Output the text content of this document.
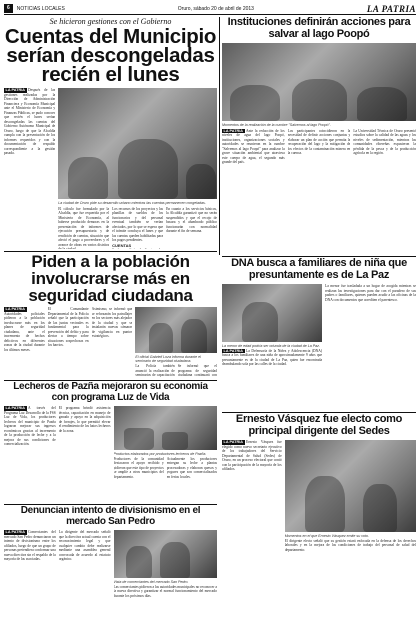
6	NOTICIAS LOCALES	Oruro, sábado 20 de abril de 2013	LA PATRIA
Se hicieron gestiones con el Gobierno
Cuentas del Municipio serían descongeladas recién el lunes
LA PATRIA Después de las gestiones realizadas por la Dirección de Administración Financiera y Economía Municipal ante el Ministerio de Economía y Finanzas Públicas, se pudo conocer que recién el lunes serían descongeladas las cuentas del Gobierno Autónomo Municipal de Oruro, luego de que la Alcaldía cumpla con la presentación de los informes requeridos y con la documentación de respaldo correspondiente a la gestión pasada.
La ciudad de Oruro pide su desarrollo urbano mientras las cuentas permanecen congeladas.
El cálculo fue formulado por la Alcaldía, que fue requerida por el Ministerio de Economía, al haberse producido demoras en la presentación de informes de ejecución presupuestaria y de rendición de cuentas, situación que afectó el pago a proveedores y el avance de obras en varios distritos
Los recursos de los proyectos y las planillas de sueldos de los funcionarios y del personal eventual también se verían afectados, por lo que se espera que el trámite concluya el lunes y que las cuentas queden habilitadas para los pagos pendientes.
CUENTAS
En cuanto a los servicios básicos, la Alcaldía garantizó que no serán suspendidos y que el recojo de basura y el alumbrado público funcionarán con normalidad durante el fin de semana.
Instituciones definirán acciones para salvar al lago Poopó
Momentos de la realización de la cumbre "Salvemos al lago Poopó".
LA PATRIA Ante la reducción de los niveles de agua del lago Poopó, instituciones, organizaciones sociales y autoridades se reunieron en la cumbre "Salvemos al lago Poopó" para analizar la grave situación ambiental que atraviesa este cuerpo de agua, el segundo más grande del país.
Los participantes coincidieron en la necesidad de definir acciones conjuntas y elaborar un plan de acción que permita la recuperación del lago y la mitigación de los efectos de la contaminación minera en la cuenca.
La Universidad Técnica de Oruro presentó estudios sobre la calidad de las aguas y los niveles de sedimentación, mientras las comunidades ribereñas expusieron la pérdida de la pesca y de la producción agrícola en la región.
Piden a la población involucrarse más en seguridad ciudadana
LA PATRIAAutoridades policiales pidieron a la población involucrarse más en los planes de seguridad ciudadana, ante el incremento de hechos delictivos en diferentes zonas de la ciudad durante los últimos meses.
El Comandante Departamental de la Policía señaló que la participación de las juntas vecinales es fundamental para la prevención del delito y para alertar a tiempo sobre situaciones sospechosas en los barrios.
Asimismo, se informó que se reforzarán los patrullajes en los sectores más alejados de la ciudad y que se instalarán nuevas cámaras de vigilancia en puntos estratégicos.
El oficial Gabrieli Loza informa durante el seminario de seguridad ciudadana.
La Policía también anunció la realización de seminarios de capacitación
Se informó que el programa de seguridad ciudadana continuará con
DNA busca a familiares de niña que presuntamente es de La Paz
La menor de edad podría ser oriunda de la ciudad de La Paz.
LA PATRIA La Defensoría de la Niñez y Adolescencia (DNA) busca a los familiares de una niña de aproximadamente 9 años que presuntamente es de la ciudad de La Paz, quien fue encontrada deambulando sola por las calles de la ciudad.
La menor fue trasladada a un hogar de acogida mientras se realizan las investigaciones para dar con el paradero de sus padres o familiares, quienes pueden acudir a las oficinas de la DNA con documentos que acrediten el parentesco.
Lecheros de Pazña mejoraron su economía con programa Luz de Vida
LA PATRIA A través del Programa Luz Desarrollo de la FSS Luz de Vida, los productores lecheros del municipio de Pazña lograron mejorar sus ingresos económicos gracias al incremento de la producción de leche y a la mejora de sus condiciones de comercialización.
El programa brindó asistencia técnica, capacitación en manejo de ganado y apoyo en la adquisición de forrajes, lo que permitió elevar el rendimiento de los hatos lecheros de la zona.
Productos elaborados por productores lecheros de Pazña.
Productores de la comunidad destacaron el apoyo recibido y pidieron que este tipo de proyectos se amplíe a otros municipios del departamento.
Actualmente los productores entregan su leche a plantas procesadoras y elaboran quesos y yogures que son comercializados en ferias locales.
Ernesto Vásquez fue electo como principal dirigente del Sedes
LA PATRIA Ernesto Vásquez fue elegido como nuevo secretario ejecutivo de los trabajadores del Servicio Departamental de Salud (Sedes) de Oruro, en un proceso electoral que contó con la participación de la mayoría de los afiliados.
Momentos en el que Ernesto Vásquez emite su voto.
El dirigente electo señaló que su gestión estará enfocada en la defensa de los derechos laborales y en la mejora de las condiciones de trabajo del personal de salud del departamento.
Denuncian intento de divisionismo en el mercado San Pedro
LA PATRIA Comerciantes del mercado San Pedro denunciaron un intento de divisionismo entre los afiliados, luego de que un grupo de personas pretendiera conformar una nueva directiva sin el respaldo de la mayoría de las asociadas.
La dirigente del mercado señaló que la directiva actual cuenta con el reconocimiento legal y que cualquier cambio debe realizarse mediante una asamblea general convocada de acuerdo al estatuto orgánico.
Vista de comerciantes del mercado San Pedro.
Las comerciantes pidieron a las autoridades municipales no reconocer a la nueva directiva y garantizar el normal funcionamiento del mercado durante los próximos días.
